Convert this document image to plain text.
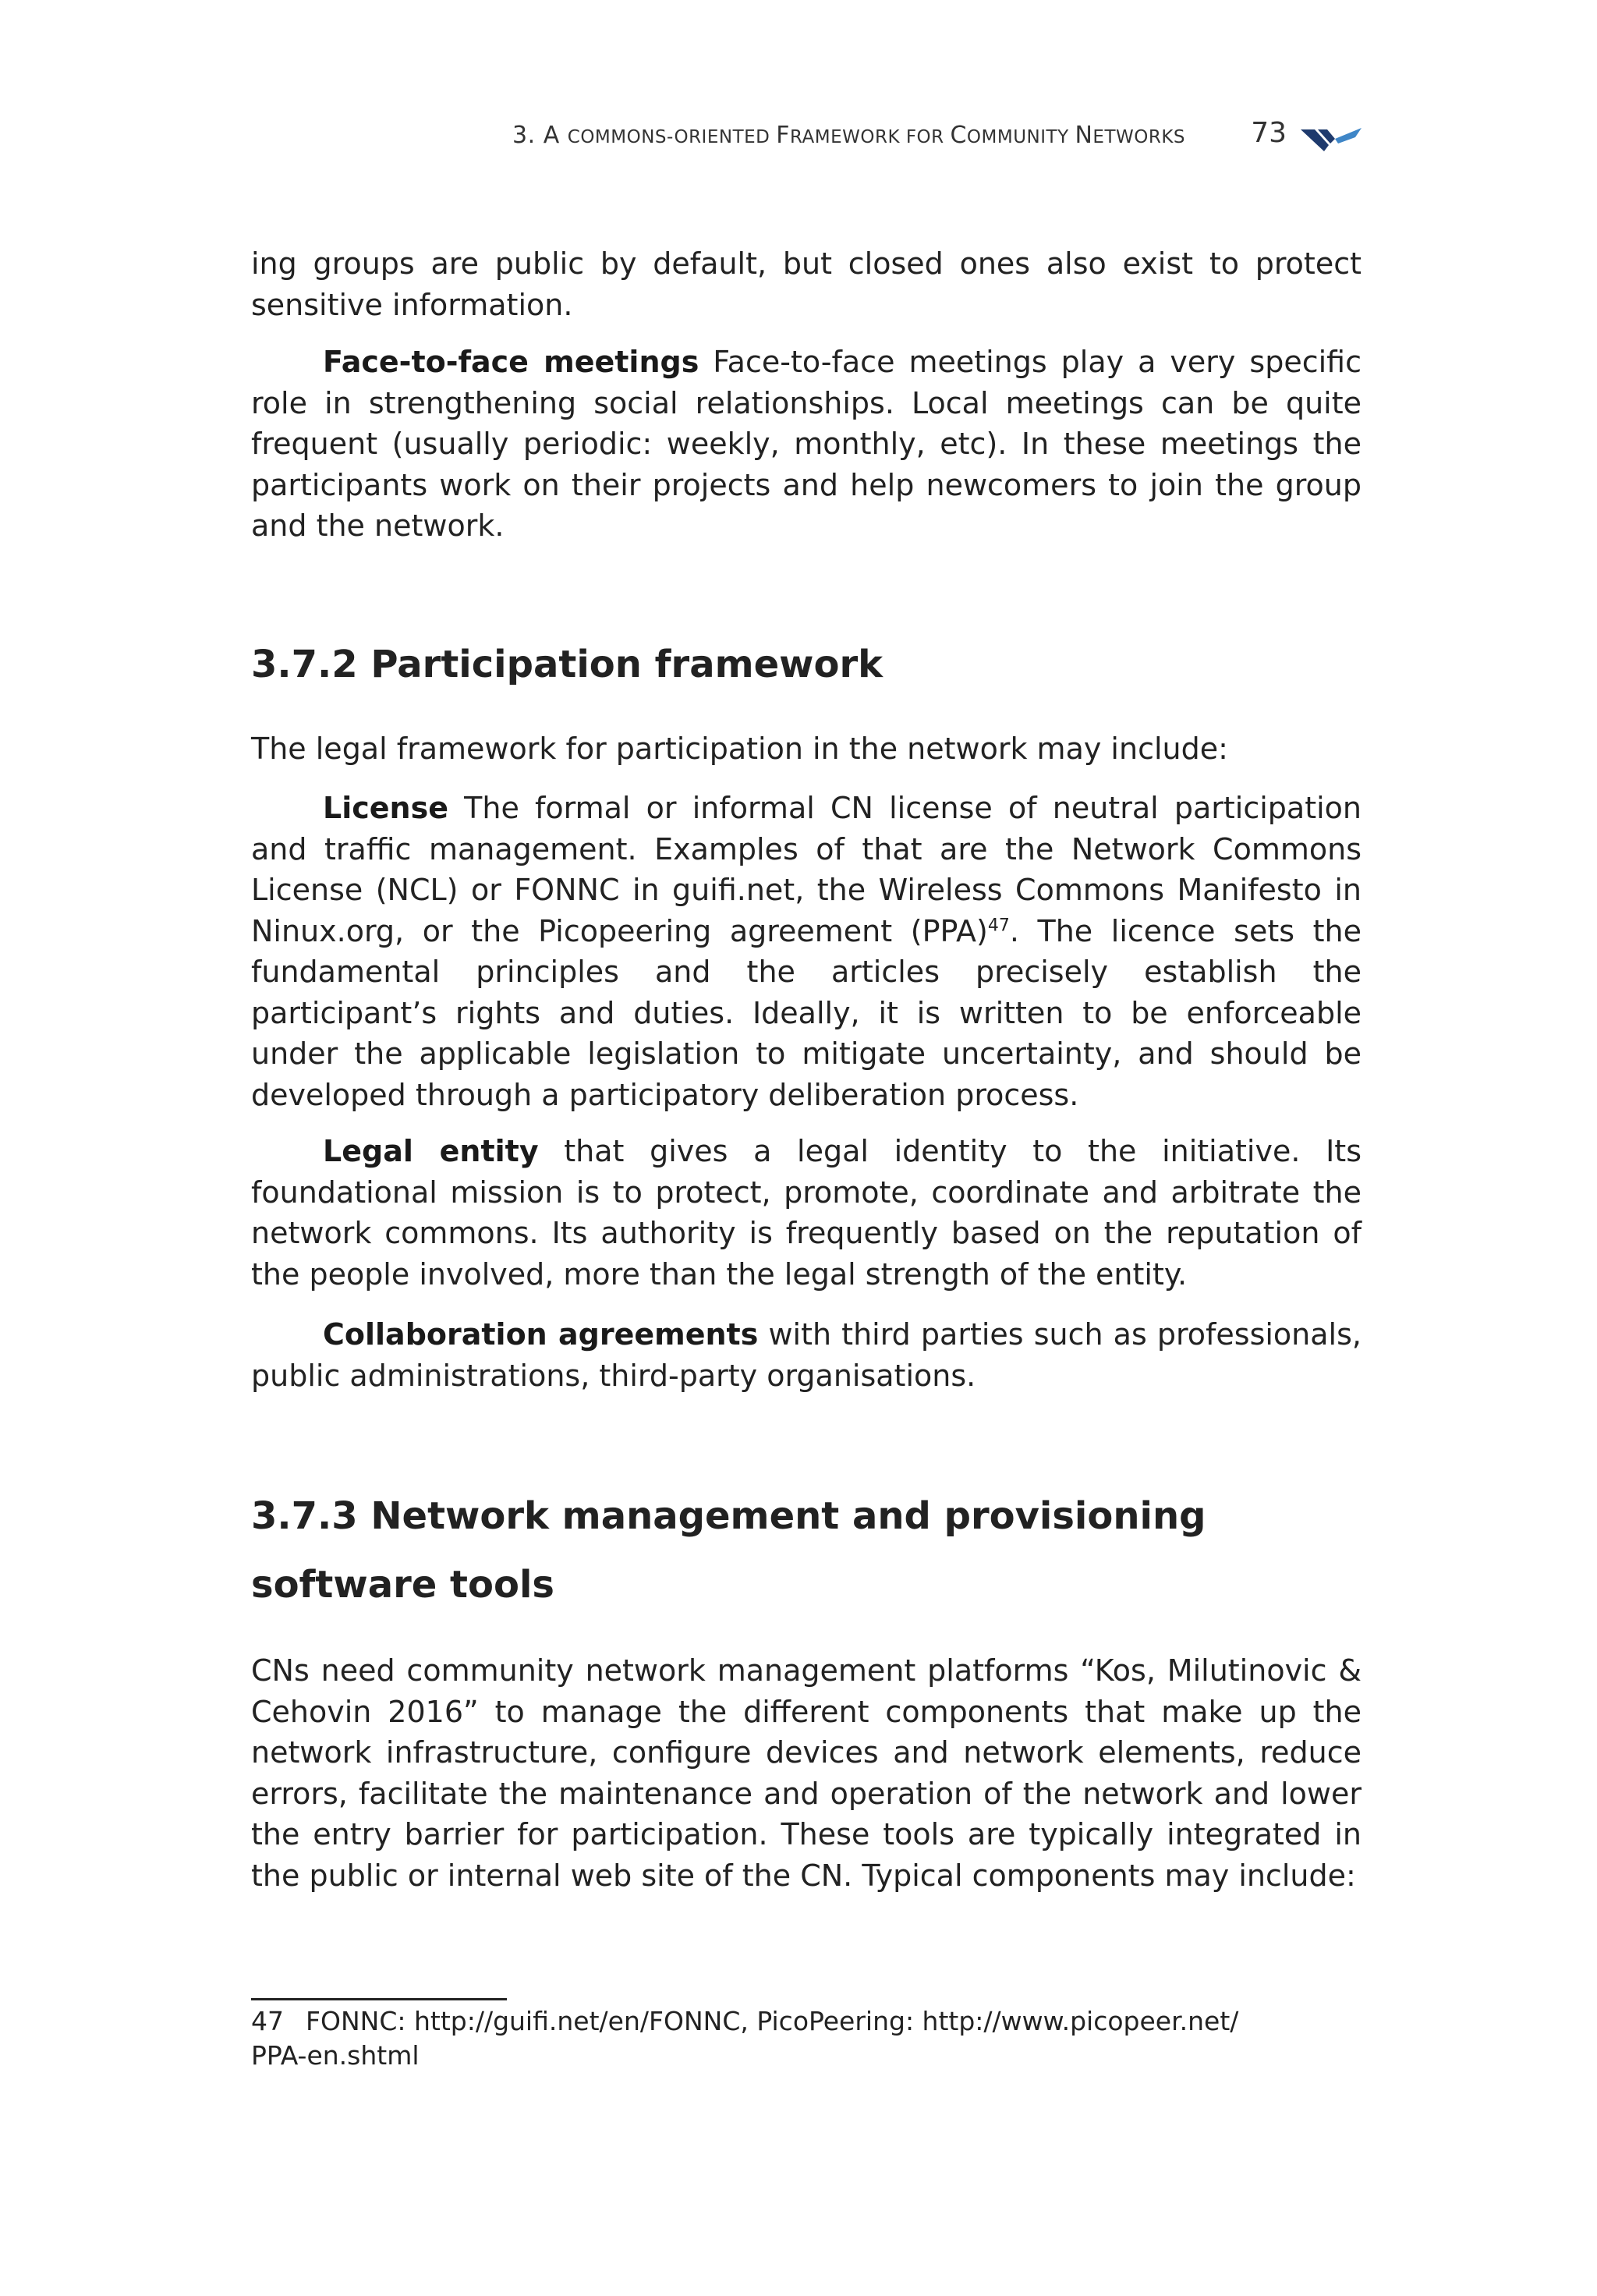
3. A COMMONS-ORIENTED FRAMEWORK FOR COMMUNITY NETWORKS 73

ing groups are public by default, but closed ones also exist to protect sensitive information.

Face-to-face meetings Face-to-face meetings play a very specific role in strengthening social relationships. Local meetings can be quite frequent (usually periodic: weekly, monthly, etc). In these meetings the participants work on their projects and help newcomers to join the group and the network.

3.7.2 Participation framework

The legal framework for participation in the network may include:

License The formal or informal CN license of neutral participation and traffic management. Examples of that are the Network Commons License (NCL) or FONNC in guifi.net, the Wireless Commons Manifesto in Ninux.org, or the Picopeering agreement (PPA)$^{47}$. The licence sets the fundamental principles and the articles precisely establish the participant’s rights and duties. Ideally, it is written to be enforceable under the applicable legislation to mitigate uncertainty, and should be developed through a participatory deliberation process.

Legal entity that gives a legal identity to the initiative. Its foundational mission is to protect, promote, coordinate and arbitrate the network commons. Its authority is frequently based on the reputation of the people involved, more than the legal strength of the entity.

Collaboration agreements with third parties such as professionals, public administrations, third-party organisations.

3.7.3 Network management and provisioning software tools

CNs need community network management platforms “Kos, Milutinovic & Cehovin 2016” to manage the different components that make up the network infrastructure, configure devices and network elements, reduce errors, facilitate the maintenance and operation of the network and lower the entry barrier for participation. These tools are typically integrated in the public or internal web site of the CN. Typical components may include:

47 FONNC: http://guifi.net/en/FONNC, PicoPeering: http://www.picopeer.net/
PPA-en.shtml
